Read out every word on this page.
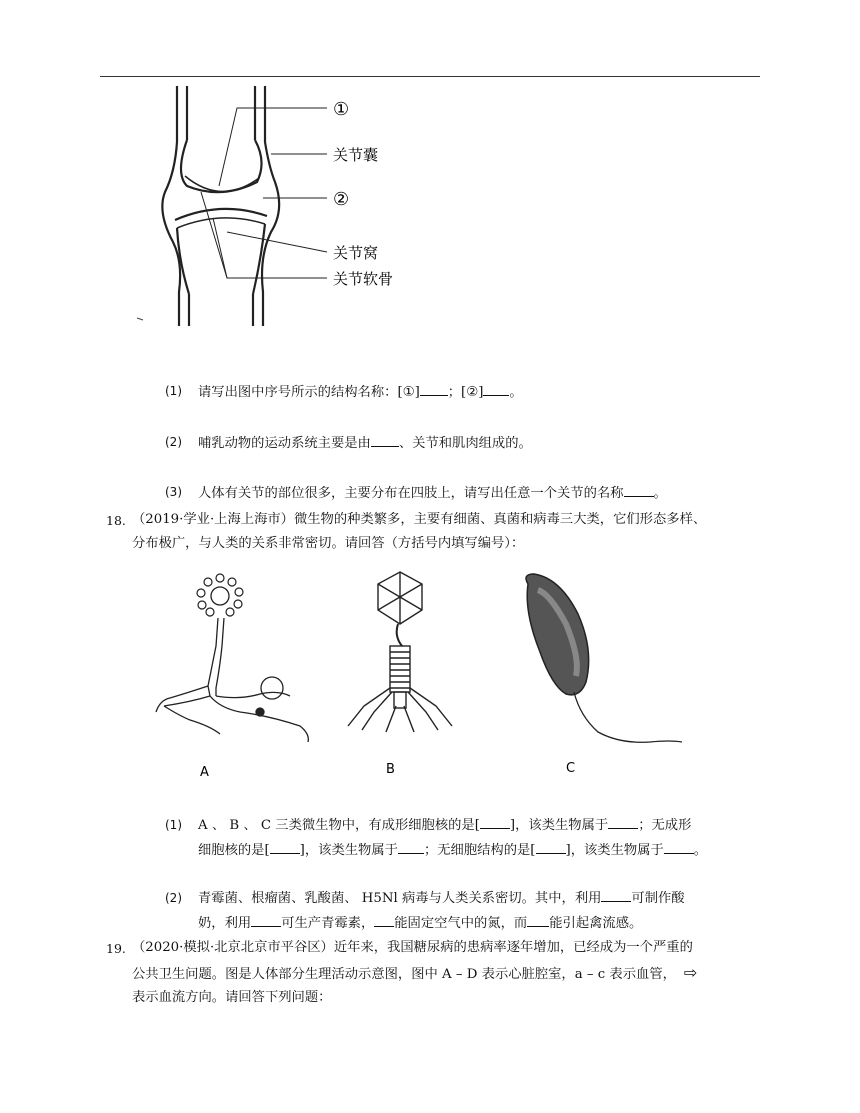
①
关节囊
②
关节窝
关节软骨
(1) 请写出图中序号所示的结构名称：[①] ；[②] 。
(2) 哺乳动物的运动系统主要是由 、关节和肌肉组成的。
(3) 人体有关节的部位很多，主要分布在四肢上，请写出任意一个关节的名称 。
18. （2019·学业·上海上海市）微生物的种类繁多，主要有细菌、真菌和病毒三大类，它们形态多样、
分布极广，与人类的关系非常密切。请回答（方括号内填写编号）：
A	B	C
(1) A 、 B 、 C 三类微生物中，有成形细胞核的是[ ]，该类生物属于 ；无成形
细胞核的是[ ]，该类生物属于 ；无细胞结构的是[ ]，该类生物属于 。
(2) 青霉菌、根瘤菌、乳酸菌、 H5Nl 病毒与人类关系密切。其中，利用 可制作酸
奶，利用 可生产青霉素， 能固定空气中的氮，而 能引起禽流感。
19. （2020·模拟·北京北京市平谷区）近年来，我国糖尿病的患病率逐年增加，已经成为一个严重的
公共卫生问题。图是人体部分生理活动示意图，图中 A – D 表示心脏腔室，a – c 表示血管， ⇨
表示血流方向。请回答下列问题：
